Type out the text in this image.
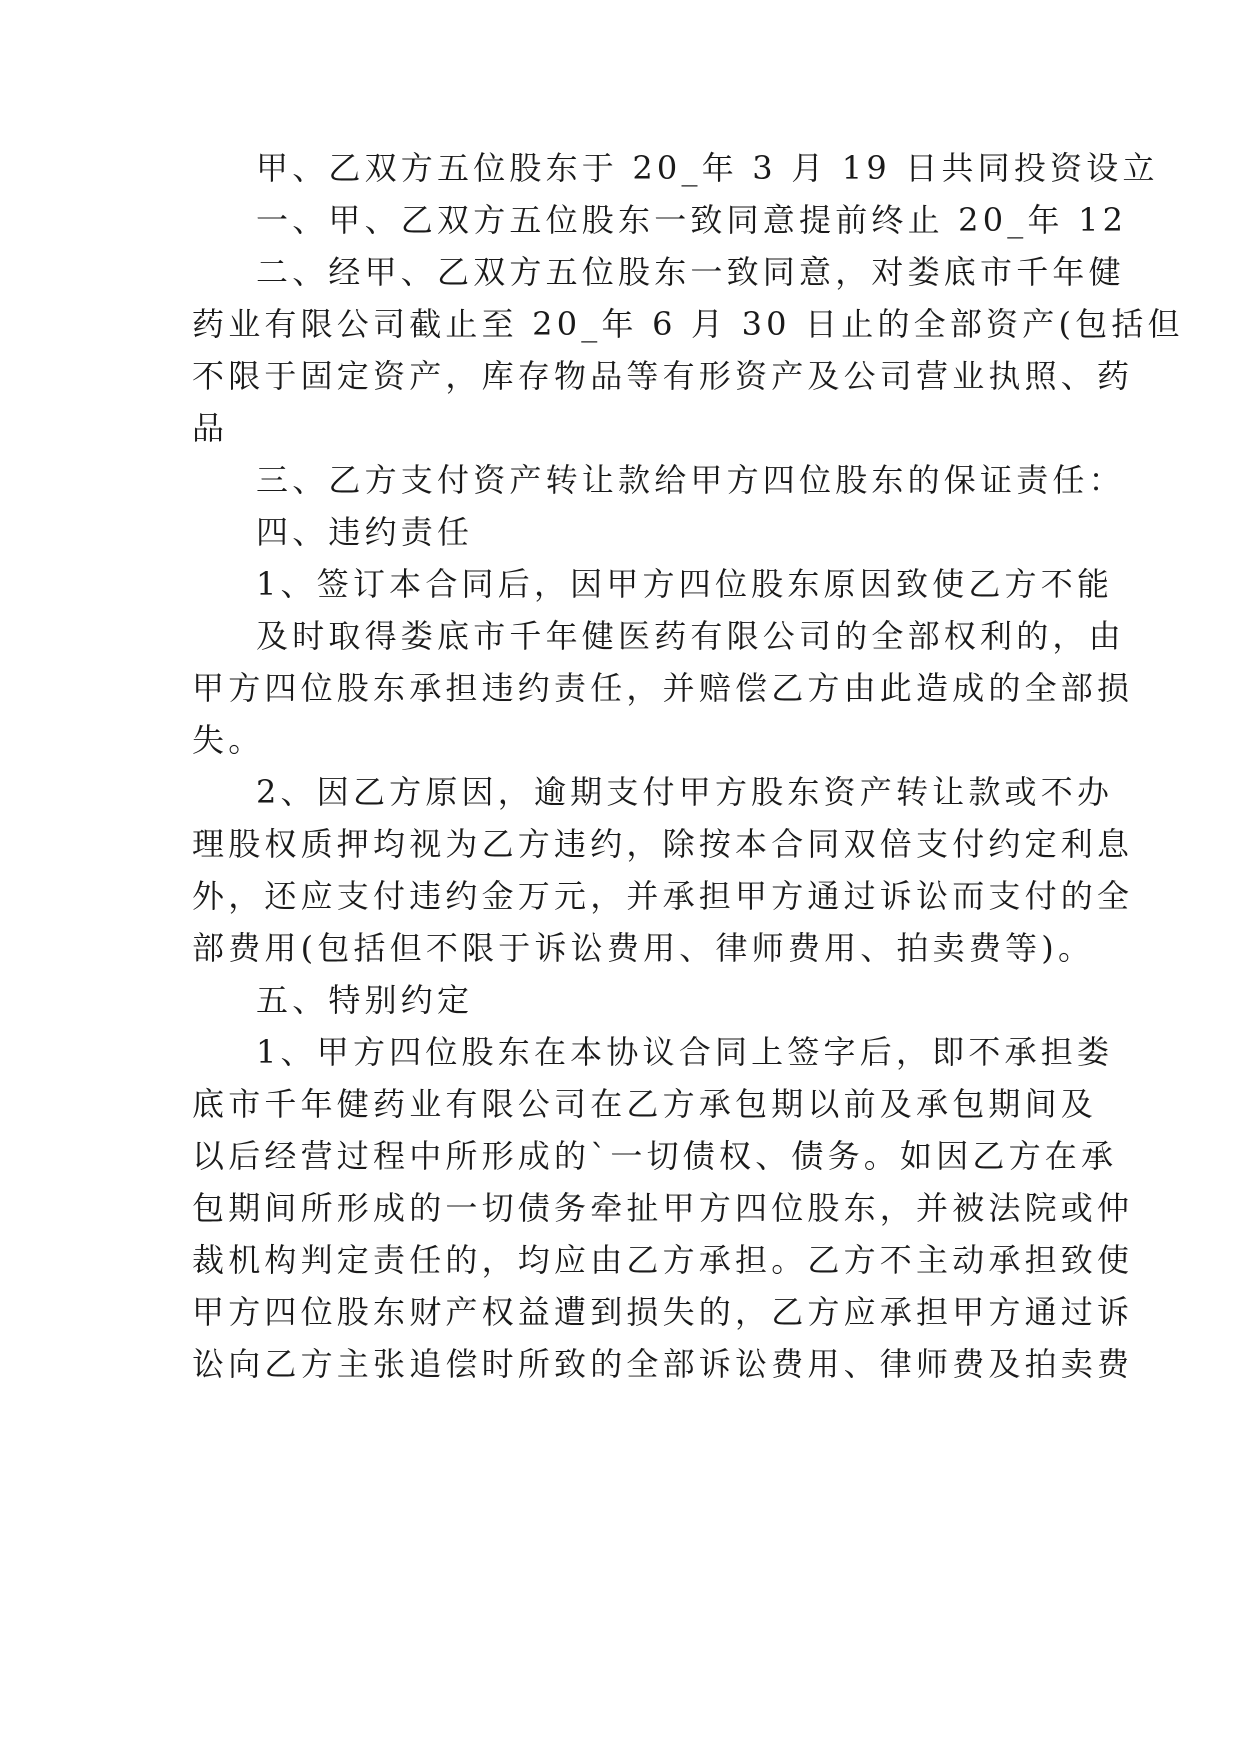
甲、乙双方五位股东于 20_年 3 月 19 日共同投资设立

一、甲、乙双方五位股东一致同意提前终止 20_年 12

二、经甲、乙双方五位股东一致同意，对娄底市千年健

药业有限公司截止至 20_年 6 月 30 日止的全部资产(包括但

不限于固定资产，库存物品等有形资产及公司营业执照、药

品

三、乙方支付资产转让款给甲方四位股东的保证责任：

四、违约责任

1、签订本合同后，因甲方四位股东原因致使乙方不能

及时取得娄底市千年健医药有限公司的全部权利的，由

甲方四位股东承担违约责任，并赔偿乙方由此造成的全部损

失。

2、因乙方原因，逾期支付甲方股东资产转让款或不办

理股权质押均视为乙方违约，除按本合同双倍支付约定利息

外，还应支付违约金万元，并承担甲方通过诉讼而支付的全

部费用(包括但不限于诉讼费用、律师费用、拍卖费等)。

五、特别约定

1、甲方四位股东在本协议合同上签字后，即不承担娄

底市千年健药业有限公司在乙方承包期以前及承包期间及

以后经营过程中所形成的`一切债权、债务。如因乙方在承

包期间所形成的一切债务牵扯甲方四位股东，并被法院或仲

裁机构判定责任的，均应由乙方承担。乙方不主动承担致使

甲方四位股东财产权益遭到损失的，乙方应承担甲方通过诉

讼向乙方主张追偿时所致的全部诉讼费用、律师费及拍卖费
